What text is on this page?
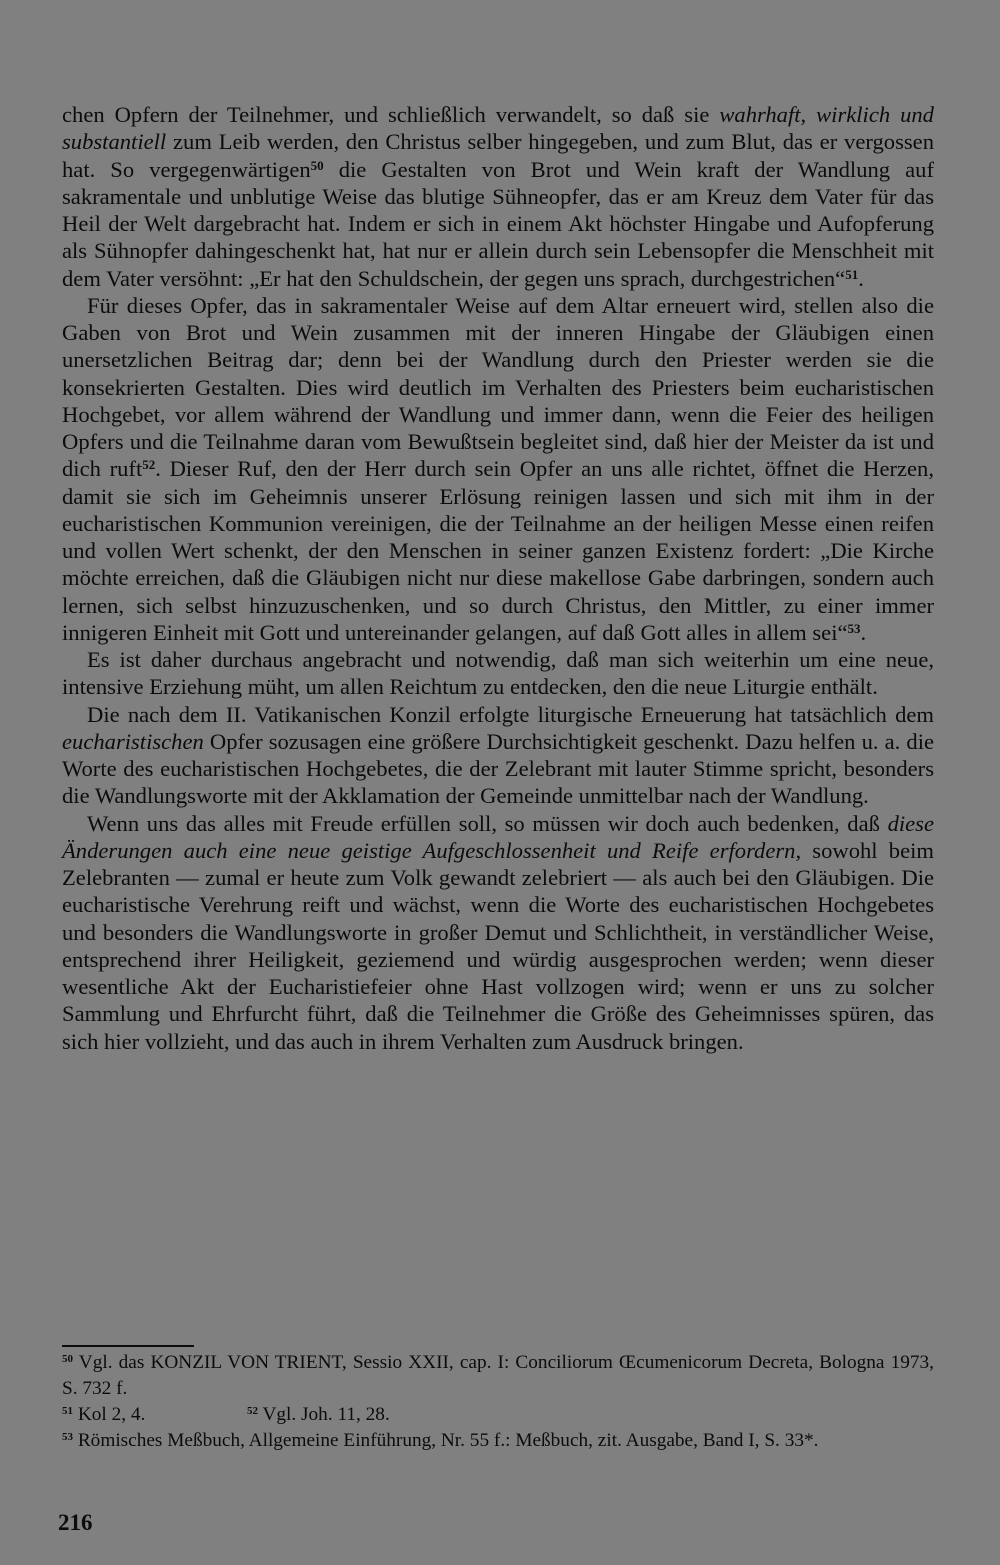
chen Opfern der Teilnehmer, und schließlich verwandelt, so daß sie wahrhaft, wirklich und substantiell zum Leib werden, den Christus selber hingegeben, und zum Blut, das er vergossen hat. So vergegenwärtigen$^{50}$ die Gestalten von Brot und Wein kraft der Wandlung auf sakramentale und unblutige Weise das blutige Sühneopfer, das er am Kreuz dem Vater für das Heil der Welt dargebracht hat. Indem er sich in einem Akt höchster Hingabe und Aufopferung als Sühnopfer dahingeschenkt hat, hat nur er allein durch sein Lebensopfer die Menschheit mit dem Vater versöhnt: „Er hat den Schuldschein, der gegen uns sprach, durchgestrichen“$^{51}$.

Für dieses Opfer, das in sakramentaler Weise auf dem Altar erneuert wird, stellen also die Gaben von Brot und Wein zusammen mit der inneren Hingabe der Gläubigen einen unersetzlichen Beitrag dar; denn bei der Wandlung durch den Priester werden sie die konsekrierten Gestalten. Dies wird deutlich im Verhalten des Priesters beim eucharistischen Hochgebet, vor allem während der Wandlung und immer dann, wenn die Feier des heiligen Opfers und die Teilnahme daran vom Bewußtsein begleitet sind, daß hier der Meister da ist und dich ruft$^{52}$. Dieser Ruf, den der Herr durch sein Opfer an uns alle richtet, öffnet die Herzen, damit sie sich im Geheimnis unserer Erlösung reinigen lassen und sich mit ihm in der eucharistischen Kommunion vereinigen, die der Teilnahme an der heiligen Messe einen reifen und vollen Wert schenkt, der den Menschen in seiner ganzen Existenz fordert: „Die Kirche möchte erreichen, daß die Gläubigen nicht nur diese makellose Gabe darbringen, sondern auch lernen, sich selbst hinzuzuschenken, und so durch Christus, den Mittler, zu einer immer innigeren Einheit mit Gott und untereinander gelangen, auf daß Gott alles in allem sei“$^{53}$.

Es ist daher durchaus angebracht und notwendig, daß man sich weiterhin um eine neue, intensive Erziehung müht, um allen Reichtum zu entdecken, den die neue Liturgie enthält.

Die nach dem II. Vatikanischen Konzil erfolgte liturgische Erneuerung hat tatsächlich dem eucharistischen Opfer sozusagen eine größere Durchsichtigkeit geschenkt. Dazu helfen u. a. die Worte des eucharistischen Hochgebetes, die der Zelebrant mit lauter Stimme spricht, besonders die Wandlungsworte mit der Akklamation der Gemeinde unmittelbar nach der Wandlung.

Wenn uns das alles mit Freude erfüllen soll, so müssen wir doch auch bedenken, daß diese Änderungen auch eine neue geistige Aufgeschlossenheit und Reife erfordern, sowohl beim Zelebranten — zumal er heute zum Volk gewandt zelebriert — als auch bei den Gläubigen. Die eucharistische Verehrung reift und wächst, wenn die Worte des eucharistischen Hochgebetes und besonders die Wandlungsworte in großer Demut und Schlichtheit, in verständlicher Weise, entsprechend ihrer Heiligkeit, geziemend und würdig ausgesprochen werden; wenn dieser wesentliche Akt der Eucharistiefeier ohne Hast vollzogen wird; wenn er uns zu solcher Sammlung und Ehrfurcht führt, daß die Teilnehmer die Größe des Geheimnisses spüren, das sich hier vollzieht, und das auch in ihrem Verhalten zum Ausdruck bringen.

$^{50}$ Vgl. das KONZIL VON TRIENT, Sessio XXII, cap. I: Conciliorum Œcumenicorum Decreta, Bologna 1973, S. 732 f.

$^{51}$ Kol 2, 4.	$^{52}$ Vgl. Joh. 11, 28.

$^{53}$ Römisches Meßbuch, Allgemeine Einführung, Nr. 55 f.: Meßbuch, zit. Ausgabe, Band I, S. 33*.

216
